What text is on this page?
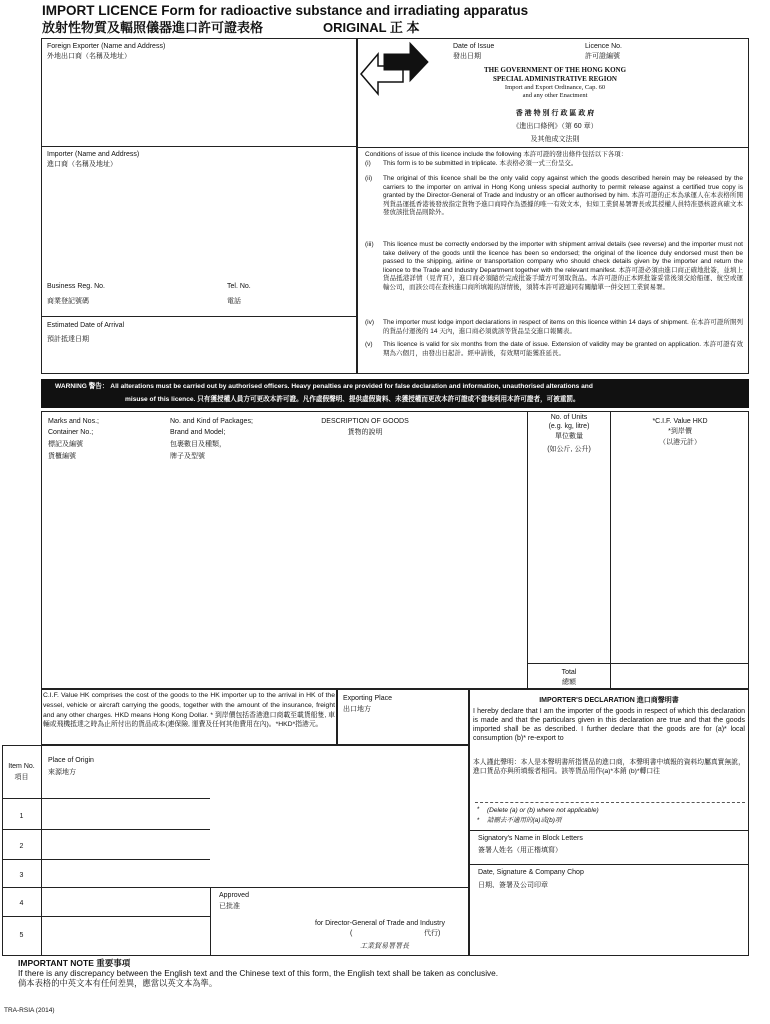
IMPORT LICENCE Form for radioactive substance and irradiating apparatus
放射性物質及輻照儀器進口許可證表格	ORIGINAL 正 本
Foreign Exporter (Name and Address)
外地出口商（名稱及地址）
Importer (Name and Address)
進口商（名稱及地址）
Business Reg. No.
商業登記號碼
Tel. No.
電話
Estimated Date of Arrival
預計抵達日期
Date of Issue
發出日期
Licence No.
許可證編號
THE GOVERNMENT OF THE HONG KONG
SPECIAL ADMINISTRATIVE REGION
Import and Export Ordinance, Cap. 60
and any other Enactment
香 港 特 別 行 政 區 政 府
《進出口條例》（第 60 章）
及其他成文法則
Conditions of issue of this licence include the following 本許可證的發出條件包括以下各項：
(i) This form is to be submitted in triplicate. 本表格必須一式三份呈交。
(ii) The original of this licence shall be the only valid copy against which the goods described herein may be released by the carriers to the importer on arrival in Hong Kong unless special authority to permit release against a certified true copy is granted by the Director-General of Trade and Industry or an officer authorised by him. 本許可證的正本為承運人在本表格所開列貨品運抵香港後發放指定貨物予進口商時作為憑據的唯一有效文本，但如工業貿易署署長或其授權人員特准憑核證真確文本發放該批貨品則除外。
(iii) This licence must be correctly endorsed by the importer with shipment arrival details (see reverse) and the importer must not take delivery of the goods until the licence has been so endorsed; the original of the licence duly endorsed must then be passed to the shipping, airline or transportation company who should check details given by the importer and return the licence to the Trade and Industry Department together with the relevant manifest. 本許可證必須由進口商正確地批簽，並填上貨品抵港詳情（見背頁），進口商必須隨於完成批簽手續方可領取貨品。本許可證的正本經批簽妥當後須交給船運、航空或運輸公司，而該公司在查核進口商所填報的詳情後，須將本許可證連同有關艙單一併交回工業貿易署。
(iv) The importer must lodge import declarations in respect of items on this licence within 14 days of shipment. 在本許可證所開列的貨品付運後的 14 天內，進口商必須就該等貨品呈交進口報關表。
(v) This licence is valid for six months from the date of issue. Extension of validity may be granted on application. 本許可證有效期為六個月，由發出日起計。經申請後，有效期可能獲准延長。
WARNING 警告： All alterations must be carried out by authorised officers. Heavy penalties are provided for false declaration and information, unauthorised alterations and
misuse of this licence. 只有獲授權人員方可更改本許可證。凡作虛假聲明、提供虛假資料、未獲授權而更改本許可證或不當地利用本許可證者，可被重罰。
Marks and Nos.;
Container No.;
標記及編號
貨櫃編號
No. and Kind of Packages;
Brand and Model;
包裹數目及種類，
牌子及型號
DESCRIPTION OF GOODS
貨物的說明
No. of Units
(e.g. kg, litre)
單位數量
(如公斤, 公升)
*C.I.F. Value HKD
*到岸價
（以港元計）
Total
總額
C.I.F. Value HK comprises the cost of the goods to the HK importer up to the arrival in HK of the vessel, vehicle or aircraft carrying the goods, together with the amount of the insurance, freight and any other charges. HKD means Hong Kong Dollar. * 到岸價包括香港進口商載至載貨船隻, 車輛或飛機抵達之時為止所付出的貨品成本(連保險, 運費及任何其他費用在內)。*HKD*指港元。
Exporting Place
出口地方
IMPORTER'S DECLARATION 進口商聲明書
I hereby declare that I am the importer of the goods in respect of which this declaration is made and that the particulars given in this declaration are true and that the goods imported shall be as described. I further declare that the goods are for (a)* local consumption (b)* re-export to
本人謹此聲明：本人是本聲明書所指貨品的進口商，本聲明書中填報的資料均屬真實無訛，進口貨品亦與所填報者相同。該等貨品用作(a)*本銷 (b)*轉口往
* (Delete (a) or (b) where not applicable)
* 請刪去不適用的(a)或(b)項
Signatory's Name in Block Letters
簽署人姓名（用正楷填寫）
Date, Signature & Company Chop
日期、簽署及公司印章
Item No.
項目
Place of Origin
來源地方
1
2
3
4
5
Approved
已批准
for Director-General of Trade and Industry
(	代行)
工業貿易署署長
IMPORTANT NOTE 重要事項
If there is any discrepancy between the English text and the Chinese text of this form, the English text shall be taken as conclusive.
倘本表格的中英文本有任何差異，應當以英文本為準。
TRA-RSIA (2014)
